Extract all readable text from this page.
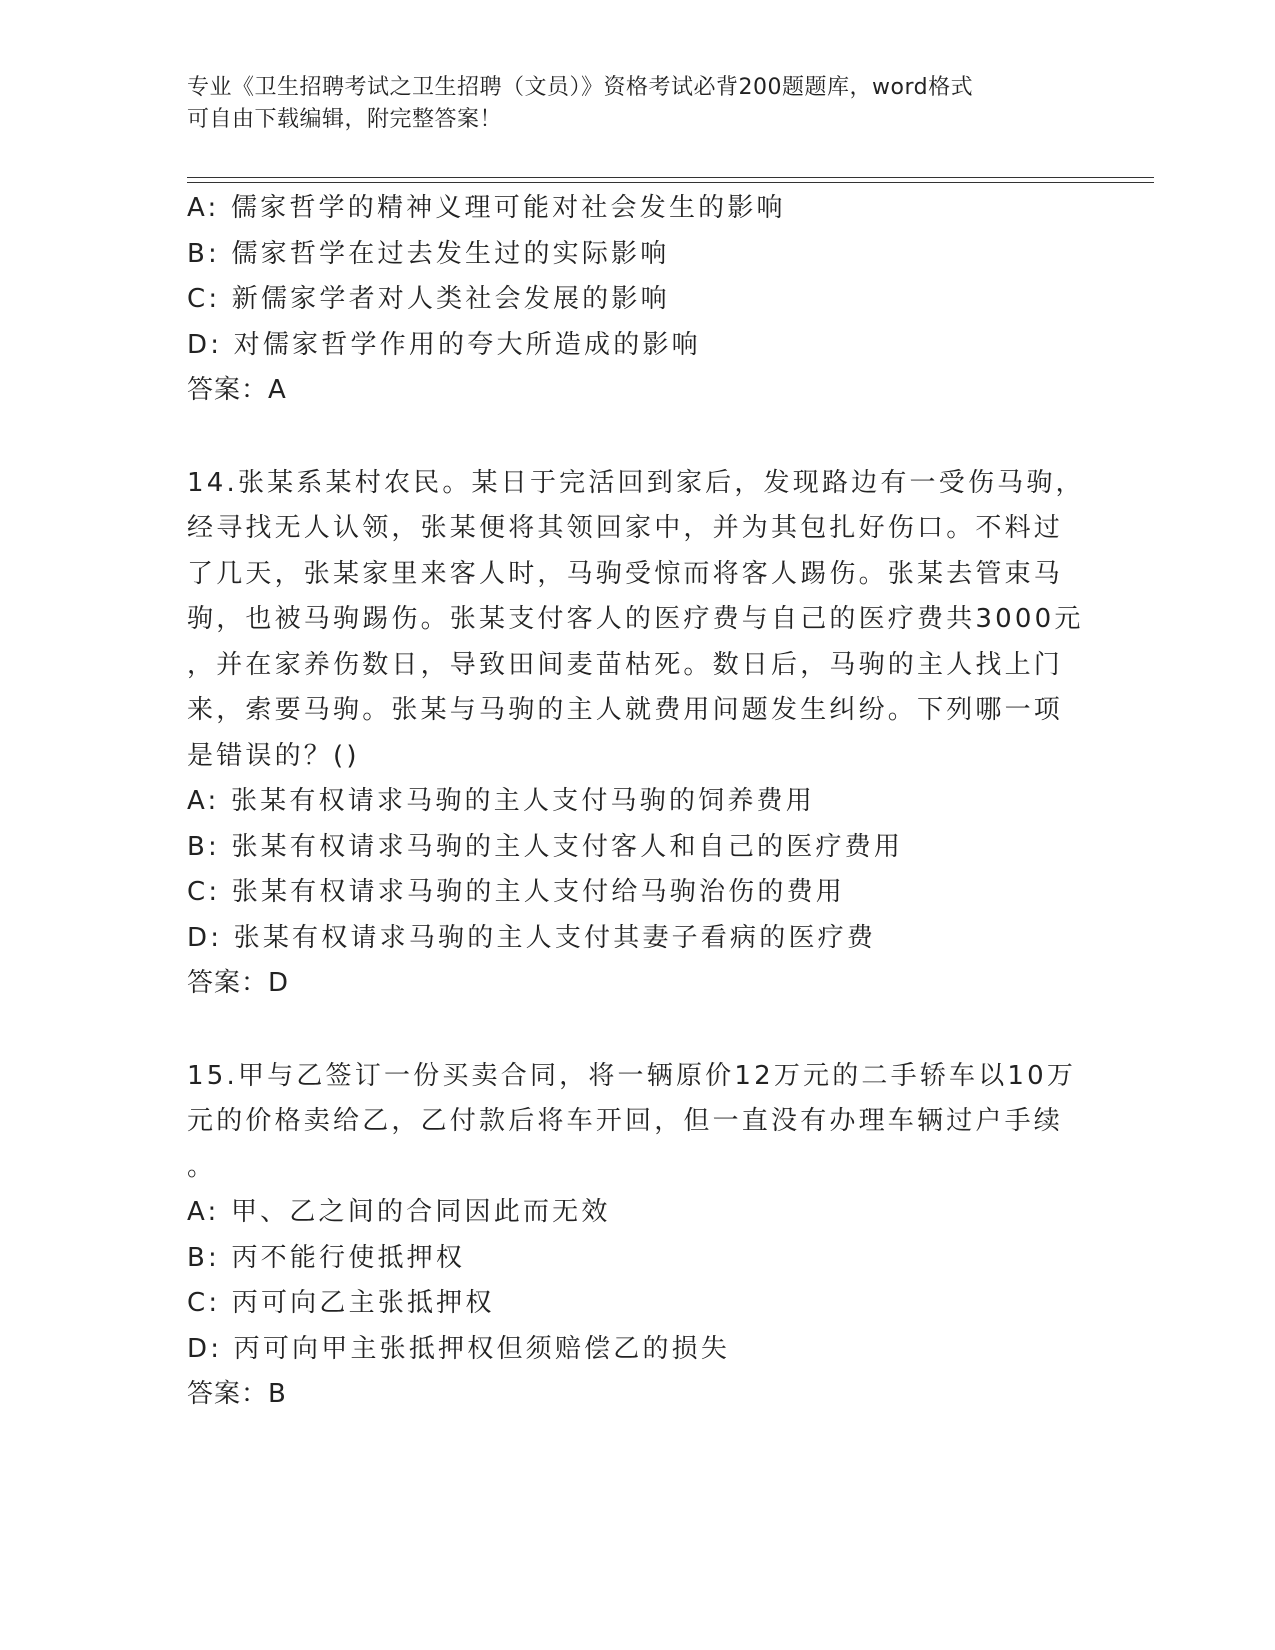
专业《卫生招聘考试之卫生招聘（文员）》资格考试必背200题题库，word格式
可自由下载编辑，附完整答案！
A: 儒家哲学的精神义理可能对社会发生的影响
B: 儒家哲学在过去发生过的实际影响
C: 新儒家学者对人类社会发展的影响
D: 对儒家哲学作用的夸大所造成的影响
答案：A
14.张某系某村农民。某日于完活回到家后，发现路边有一受伤马驹，
经寻找无人认领，张某便将其领回家中，并为其包扎好伤口。不料过
了几天，张某家里来客人时，马驹受惊而将客人踢伤。张某去管束马
驹，也被马驹踢伤。张某支付客人的医疗费与自己的医疗费共3000元
，并在家养伤数日，导致田间麦苗枯死。数日后，马驹的主人找上门
来，索要马驹。张某与马驹的主人就费用问题发生纠纷。下列哪一项
是错误的？()
A: 张某有权请求马驹的主人支付马驹的饲养费用
B: 张某有权请求马驹的主人支付客人和自己的医疗费用
C: 张某有权请求马驹的主人支付给马驹治伤的费用
D: 张某有权请求马驹的主人支付其妻子看病的医疗费
答案：D
15.甲与乙签订一份买卖合同，将一辆原价12万元的二手轿车以10万
元的价格卖给乙，乙付款后将车开回，但一直没有办理车辆过户手续
。
A: 甲、乙之间的合同因此而无效
B: 丙不能行使抵押权
C: 丙可向乙主张抵押权
D: 丙可向甲主张抵押权但须赔偿乙的损失
答案：B
